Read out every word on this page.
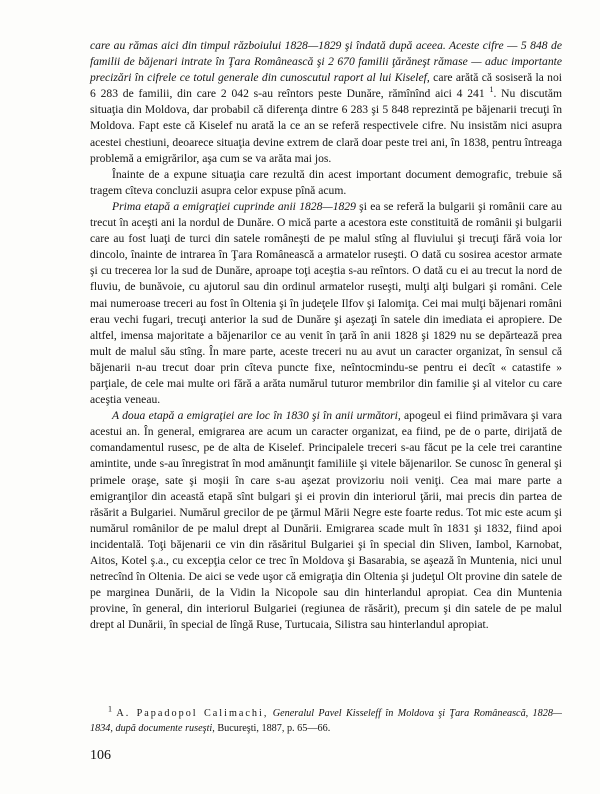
care au rămas aici din timpul războiului 1828—1829 şi îndată după aceea. Aceste cifre — 5 848 de familii de bǎjenari intrate în Ţara Românească şi 2 670 familii ţărăneşt rămase — aduc importante precizări în cifrele ce totul generale din cunoscutul raport al lui Kiselef, care arătă că sosiseră la noi 6 283 de familii, din care 2 042 s-au reîntors peste Dunăre, rămînînd aici 4 241 $^1$. Nu discutăm situaţia din Moldova, dar probabil că diferenţa dintre 6 283 şi 5 848 reprezintă pe băjenarii trecuţi în Moldova. Fapt este că Kiselef nu arată la ce an se referă respectivele cifre. Nu insistăm nici asupra acestei chestiuni, deoarece situaţia devine extrem de clară doar peste trei ani, în 1838, pentru întreaga problemă a emigrărilor, aşa cum se va arăta mai jos.

Înainte de a expune situaţia care rezultă din acest important document demografic, trebuie să tragem cîteva concluzii asupra celor expuse pînă acum.

Prima etapă a emigraţiei cuprinde anii 1828—1829 şi ea se referă la bulgarii şi românii care au trecut în aceşti ani la nordul de Dunăre. O mică parte a acestora este constituită de românii şi bulgarii care au fost luaţi de turci din satele româneşti de pe malul stîng al fluviului şi trecuţi fără voia lor dincolo, înainte de intrarea în Ţara Românească a armatelor ruseşti. O dată cu sosirea acestor armate şi cu trecerea lor la sud de Dunăre, aproape toţi aceştia s-au reîntors. O dată cu ei au trecut la nord de fluviu, de bunăvoie, cu ajutorul sau din ordinul armatelor ruseşti, mulţi alţi bulgari şi români. Cele mai numeroase treceri au fost în Oltenia şi în judeţele Ilfov şi Ialomiţa. Cei mai mulţi băjenari români erau vechi fugari, trecuţi anterior la sud de Dunăre şi aşezaţi în satele din imediata ei apropiere. De altfel, imensa majoritate a băjenarilor ce au venit în ţară în anii 1828 şi 1829 nu se depărtează prea mult de malul său stîng. În mare parte, aceste treceri nu au avut un caracter organizat, în sensul că băjenarii n-au trecut doar prin cîteva puncte fixe, neîntocmindu-se pentru ei decît « catastife » parţiale, de cele mai multe ori fără a arăta numărul tuturor membrilor din familie şi al vitelor cu care aceştia veneau.

A doua etapă a emigraţiei are loc în 1830 şi în anii următori, apogeul ei fiind primăvara şi vara acestui an. În general, emigrarea are acum un caracter organizat, ea fiind, pe de o parte, dirijată de comandamentul rusesc, pe de alta de Kiselef. Principalele treceri s-au făcut pe la cele trei carantine amintite, unde s-au înregistrat în mod amănunţit familiile şi vitele băjenarilor. Se cunosc în general şi primele oraşe, sate şi moşii în care s-au aşezat provizoriu noii veniţi. Cea mai mare parte a emigranţilor din această etapă sînt bulgari şi ei provin din interiorul ţării, mai precis din partea de răsărit a Bulgariei. Numărul grecilor de pe ţărmul Mării Negre este foarte redus. Tot mic este acum şi numărul românilor de pe malul drept al Dunării. Emigrarea scade mult în 1831 şi 1832, fiind apoi incidentală. Toţi băjenarii ce vin din răsăritul Bulgariei şi în special din Sliven, Iambol, Karnobat, Aitos, Kotel ş.a., cu excepţia celor ce trec în Moldova şi Basarabia, se aşează în Muntenia, nici unul netrecînd în Oltenia. De aici se vede uşor că emigraţia din Oltenia şi judeţul Olt provine din satele de pe marginea Dunării, de la Vidin la Nicopole sau din hinterlandul apropiat. Cea din Muntenia provine, în general, din interiorul Bulgariei (regiunea de răsărit), precum şi din satele de pe malul drept al Dunării, în special de lîngă Ruse, Turtucaia, Silistra sau hinterlandul apropiat.

$^1$ A. Papadopol Calimachi, Generalul Pavel Kisseleff în Moldova şi Ţara Românească, 1828—1834, după documente ruseşti, Bucureşti, 1887, p. 65—66.
106
